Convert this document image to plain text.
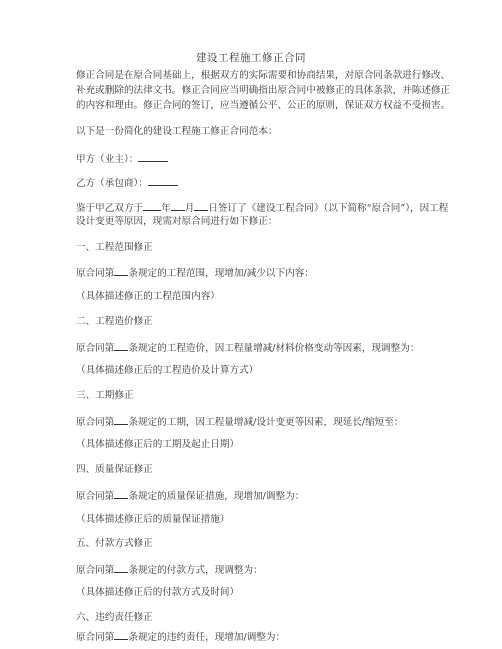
建设工程施工修正合同
修正合同是在原合同基础上，根据双方的实际需要和协商结果，对原合同条款进行修改、
补充或删除的法律文书。修正合同应当明确指出原合同中被修正的具体条款，并陈述修正
的内容和理由。修正合同的签订，应当遵循公平、公正的原则，保证双方权益不受损害。
以下是一份简化的建设工程施工修正合同范本：
甲方（业主）：
乙方（承包商）：
鉴于甲乙双方于 年 月 日签订了《建设工程合同》（以下简称“原合同”），因工程
设计变更等原因，现需对原合同进行如下修正：
一、工程范围修正
原合同第 条规定的工程范围，现增加/减少以下内容：
（具体描述修正的工程范围内容）
二、工程造价修正
原合同第 条规定的工程造价，因工程量增减/材料价格变动等因素，现调整为：
（具体描述修正后的工程造价及计算方式）
三、工期修正
原合同第 条规定的工期，因工程量增减/设计变更等因素，现延长/缩短至：
（具体描述修正后的工期及起止日期）
四、质量保证修正
原合同第 条规定的质量保证措施，现增加/调整为：
（具体描述修正后的质量保证措施）
五、付款方式修正
原合同第 条规定的付款方式，现调整为：
（具体描述修正后的付款方式及时间）
六、违约责任修正
原合同第 条规定的违约责任，现增加/调整为：
